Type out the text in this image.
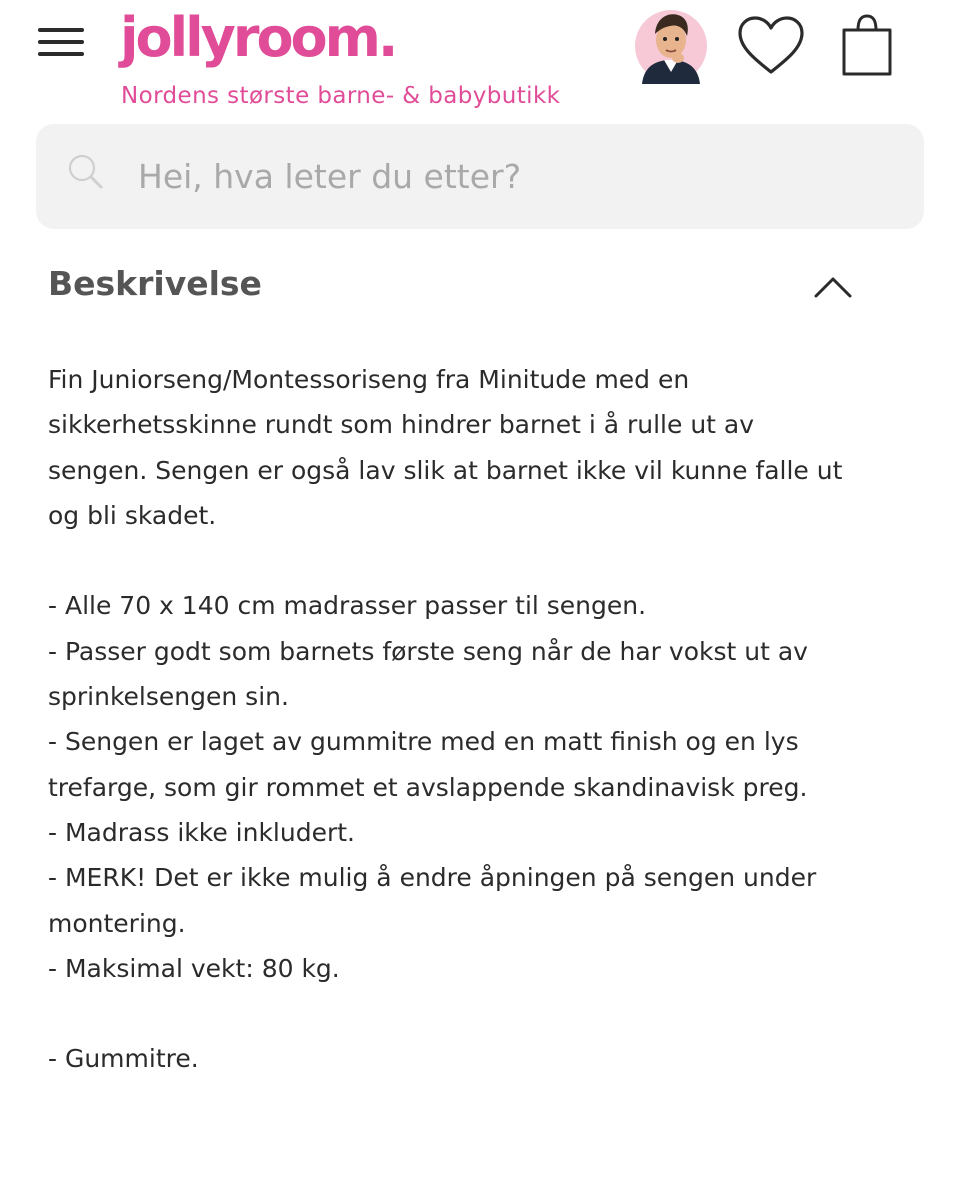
jollyroom.
Nordens største barne- & babybutikk
Hei, hva leter du etter?
Beskrivelse

Fin Juniorseng/Montessoriseng fra Minitude med en
sikkerhetsskinne rundt som hindrer barnet i å rulle ut av
sengen. Sengen er også lav slik at barnet ikke vil kunne falle ut
og bli skadet.

- Alle 70 x 140 cm madrasser passer til sengen.
- Passer godt som barnets første seng når de har vokst ut av
sprinkelsengen sin.
- Sengen er laget av gummitre med en matt finish og en lys
trefarge, som gir rommet et avslappende skandinavisk preg.
- Madrass ikke inkludert.
- MERK! Det er ikke mulig å endre åpningen på sengen under
montering.
- Maksimal vekt: 80 kg.

- Gummitre.
